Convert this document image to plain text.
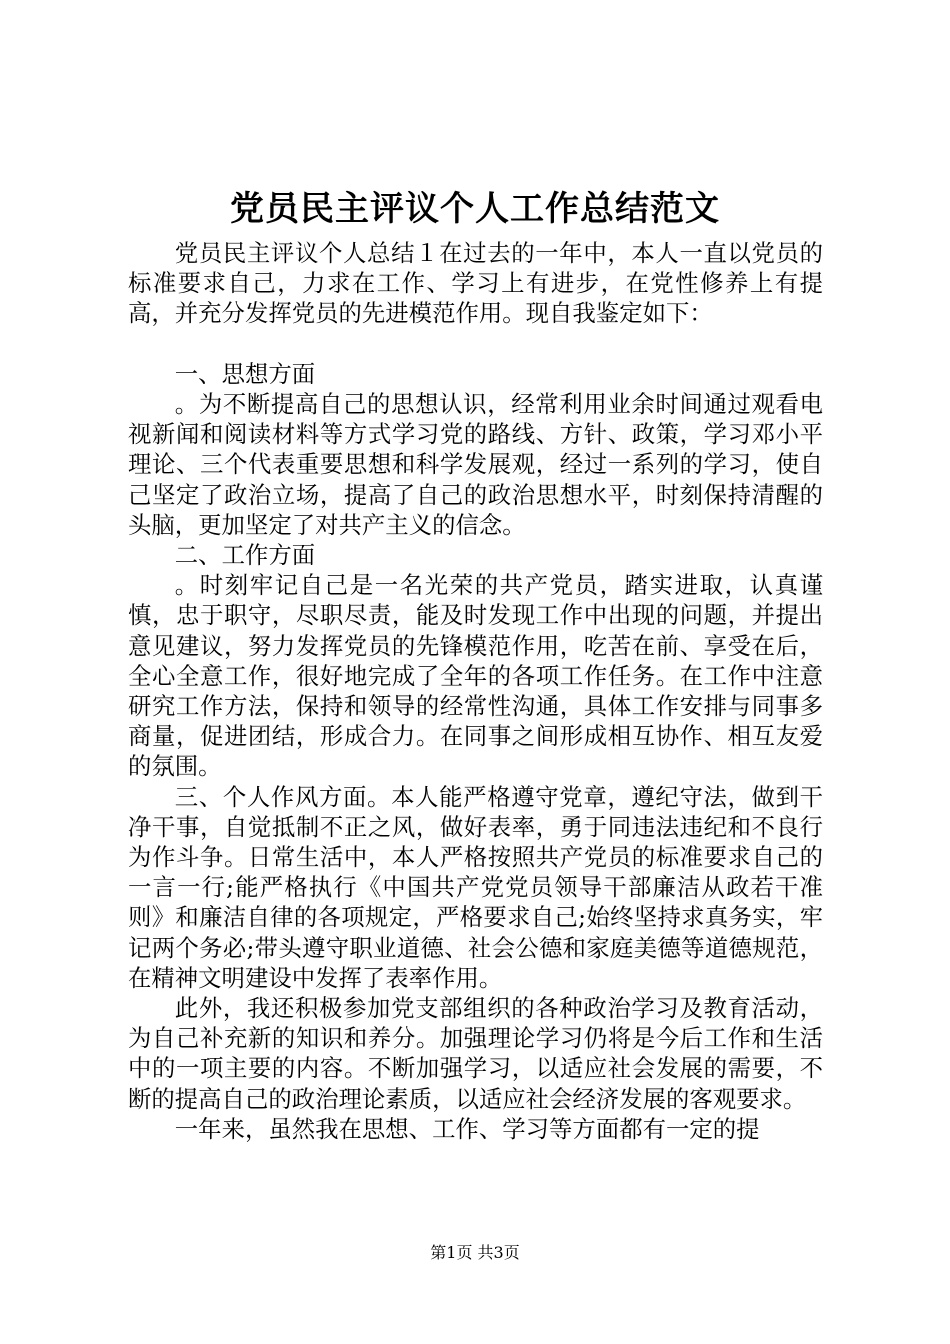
党员民主评议个人工作总结范文

党员民主评议个人总结１在过去的一年中，本人一直以党员的标准要求自己，力求在工作、学习上有进步，在党性修养上有提高，并充分发挥党员的先进模范作用。现自我鉴定如下：

一、思想方面

。为不断提高自己的思想认识，经常利用业余时间通过观看电视新闻和阅读材料等方式学习党的路线、方针、政策，学习邓小平理论、三个代表重要思想和科学发展观，经过一系列的学习，使自己坚定了政治立场，提高了自己的政治思想水平，时刻保持清醒的头脑，更加坚定了对共产主义的信念。

二、工作方面

。时刻牢记自己是一名光荣的共产党员，踏实进取，认真谨慎，忠于职守，尽职尽责，能及时发现工作中出现的问题，并提出意见建议，努力发挥党员的先锋模范作用，吃苦在前、享受在后，全心全意工作，很好地完成了全年的各项工作任务。在工作中注意研究工作方法，保持和领导的经常性沟通，具体工作安排与同事多商量，促进团结，形成合力。在同事之间形成相互协作、相互友爱的氛围。

三、个人作风方面。本人能严格遵守党章，遵纪守法，做到干净干事，自觉抵制不正之风，做好表率，勇于同违法违纪和不良行为作斗争。日常生活中，本人严格按照共产党员的标准要求自己的一言一行;能严格执行《中国共产党党员领导干部廉洁从政若干准则》和廉洁自律的各项规定，严格要求自己;始终坚持求真务实，牢记两个务必;带头遵守职业道德、社会公德和家庭美德等道德规范，在精神文明建设中发挥了表率作用。

此外，我还积极参加党支部组织的各种政治学习及教育活动，为自己补充新的知识和养分。加强理论学习仍将是今后工作和生活中的一项主要的内容。不断加强学习，以适应社会发展的需要，不断的提高自己的政治理论素质，以适应社会经济发展的客观要求。

一年来，虽然我在思想、工作、学习等方面都有一定的提

第1页 共3页
